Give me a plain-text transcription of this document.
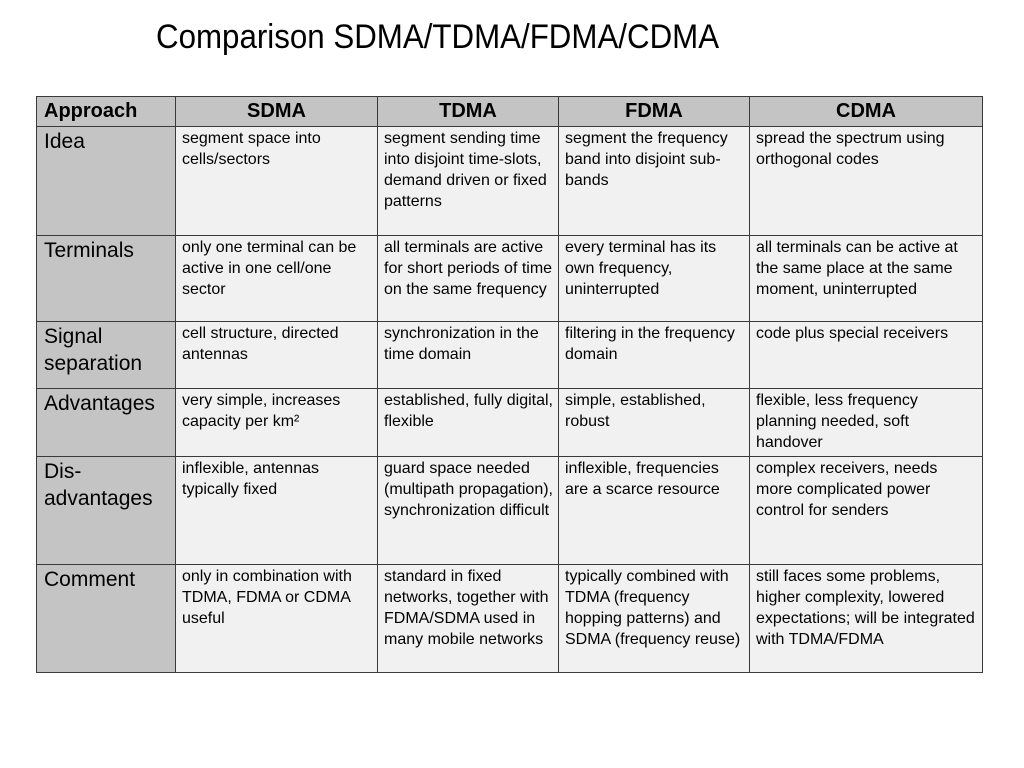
Comparison SDMA/TDMA/FDMA/CDMA
Approach	SDMA	TDMA	FDMA	CDMA
Idea	segment space into cells/sectors	segment sending time into disjoint time-slots, demand driven or fixed patterns	segment the frequency band into disjoint sub-bands	spread the spectrum using orthogonal codes
Terminals	only one terminal can be active in one cell/one sector	all terminals are active for short periods of time on the same frequency	every terminal has its own frequency, uninterrupted	all terminals can be active at the same place at the same moment, uninterrupted
Signal separation	cell structure, directed antennas	synchronization in the time domain	filtering in the frequency domain	code plus special receivers
Advantages	very simple, increases capacity per km²	established, fully digital, flexible	simple, established, robust	flexible, less frequency planning needed, soft handover
Dis-advantages	inflexible, antennas typically fixed	guard space needed (multipath propagation), synchronization difficult	inflexible, frequencies are a scarce resource	complex receivers, needs more complicated power control for senders
Comment	only in combination with TDMA, FDMA or CDMA useful	standard in fixed networks, together with FDMA/SDMA used in many mobile networks	typically combined with TDMA (frequency hopping patterns) and SDMA (frequency reuse)	still faces some problems, higher complexity, lowered expectations; will be integrated with TDMA/FDMA
